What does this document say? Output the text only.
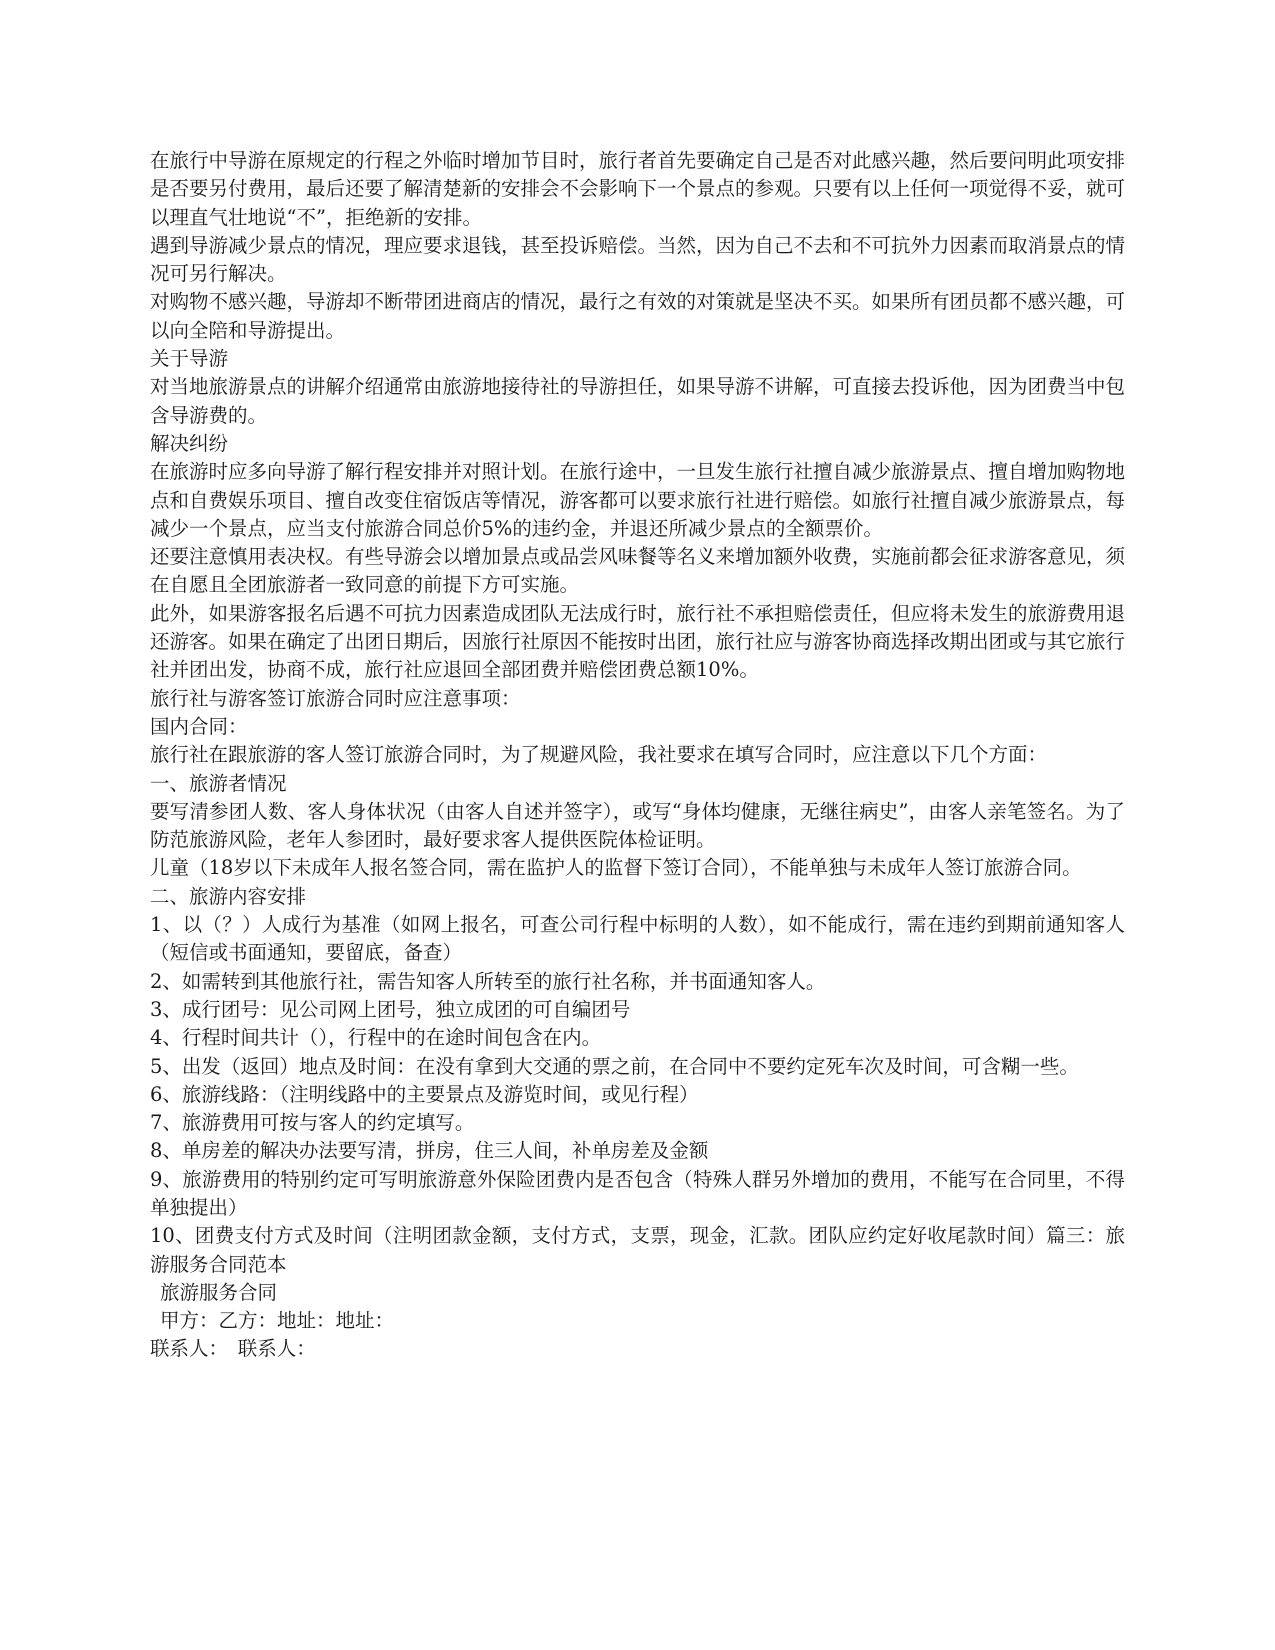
在旅行中导游在原规定的行程之外临时增加节目时，旅行者首先要确定自己是否对此感兴趣，然后要问明此项安排是否要另付费用，最后还要了解清楚新的安排会不会影响下一个景点的参观。只要有以上任何一项觉得不妥，就可以理直气壮地说“不”，拒绝新的安排。

遇到导游减少景点的情况，理应要求退钱，甚至投诉赔偿。当然，因为自己不去和不可抗外力因素而取消景点的情况可另行解决。

对购物不感兴趣，导游却不断带团进商店的情况，最行之有效的对策就是坚决不买。如果所有团员都不感兴趣，可以向全陪和导游提出。

关于导游

对当地旅游景点的讲解介绍通常由旅游地接待社的导游担任，如果导游不讲解，可直接去投诉他，因为团费当中包含导游费的。

解决纠纷

在旅游时应多向导游了解行程安排并对照计划。在旅行途中，一旦发生旅行社擅自减少旅游景点、擅自增加购物地点和自费娱乐项目、擅自改变住宿饭店等情况，游客都可以要求旅行社进行赔偿。如旅行社擅自减少旅游景点，每减少一个景点，应当支付旅游合同总价5%的违约金，并退还所减少景点的全额票价。

还要注意慎用表决权。有些导游会以增加景点或品尝风味餐等名义来增加额外收费，实施前都会征求游客意见，须在自愿且全团旅游者一致同意的前提下方可实施。

此外，如果游客报名后遇不可抗力因素造成团队无法成行时，旅行社不承担赔偿责任，但应将未发生的旅游费用退还游客。如果在确定了出团日期后，因旅行社原因不能按时出团，旅行社应与游客协商选择改期出团或与其它旅行社并团出发，协商不成，旅行社应退回全部团费并赔偿团费总额10%。

旅行社与游客签订旅游合同时应注意事项：

国内合同：

旅行社在跟旅游的客人签订旅游合同时，为了规避风险，我社要求在填写合同时，应注意以下几个方面：

一、旅游者情况

要写清参团人数、客人身体状况（由客人自述并签字），或写“身体均健康，无继往病史”，由客人亲笔签名。为了防范旅游风险，老年人参团时，最好要求客人提供医院体检证明。

儿童（18岁以下未成年人报名签合同，需在监护人的监督下签订合同），不能单独与未成年人签订旅游合同。

二、旅游内容安排

1、以（？）人成行为基准（如网上报名，可查公司行程中标明的人数），如不能成行，需在违约到期前通知客人（短信或书面通知，要留底，备查）

2、如需转到其他旅行社，需告知客人所转至的旅行社名称，并书面通知客人。

3、成行团号：见公司网上团号，独立成团的可自编团号

4、行程时间共计（），行程中的在途时间包含在内。

5、出发（返回）地点及时间：在没有拿到大交通的票之前，在合同中不要约定死车次及时间，可含糊一些。

6、旅游线路：（注明线路中的主要景点及游览时间，或见行程）

7、旅游费用可按与客人的约定填写。

8、单房差的解决办法要写清，拼房，住三人间，补单房差及金额

9、旅游费用的特别约定可写明旅游意外保险团费内是否包含（特殊人群另外增加的费用，不能写在合同里，不得单独提出）

10、团费支付方式及时间（注明团款金额，支付方式，支票，现金，汇款。团队应约定好收尾款时间）篇三：旅游服务合同范本

旅游服务合同

甲方：乙方：地址：地址：

联系人：　联系人：
